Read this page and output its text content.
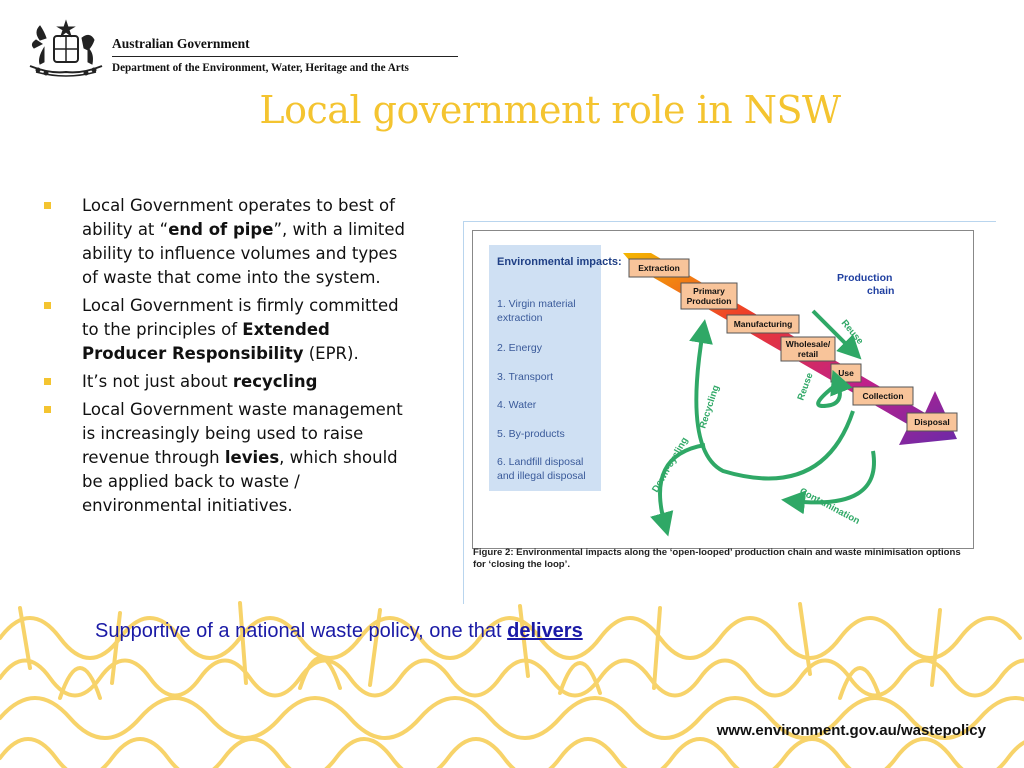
Australian Government
Department of the Environment, Water, Heritage and the Arts
Local government role in NSW
Local Government operates to best of ability at “end of pipe”, with a limited ability to influence volumes and types of waste that come into the system.
Local Government is firmly committed to the principles of Extended Producer Responsibility (EPR).
It’s not just about recycling
Local Government waste management is increasingly being used to raise revenue through levies, which should be applied back to waste / environmental initiatives.
Environmental impacts:
1. Virgin material
extraction
2. Energy
3. Transport
4. Water
5. By-products
6. Landfill disposal
and illegal disposal
Production
chain
Extraction
Primary
Production
Manufacturing
Wholesale/
retail
Use
Collection
Disposal
Reuse
Reuse
Recycling
Down-cycling
Contamination
Figure 2: Environmental impacts along the ‘open-looped’ production chain and waste minimisation options for ‘closing the loop’.
Supportive of a national waste policy, one that delivers
www.environment.gov.au/wastepolicy
